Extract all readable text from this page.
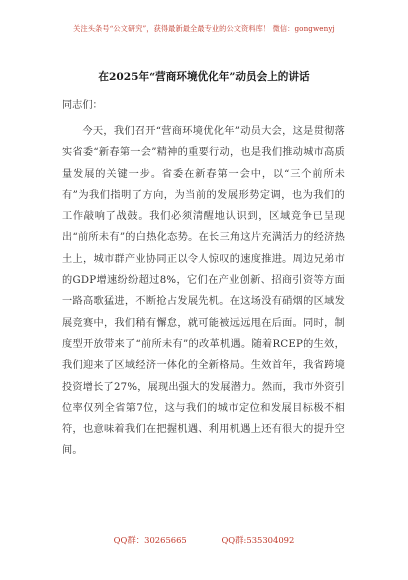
关注头条号“公文研究”，获得最新最全最专业的公文资料库！ 微信：gongwenyj
在2025年“营商环境优化年”动员会上的讲话
同志们：

今天，我们召开“营商环境优化年”动员大会，这是贯彻落实省委“新春第一会”精神的重要行动，也是我们推动城市高质量发展的关键一步。省委在新春第一会中，以“三个前所未有”为我们指明了方向，为当前的发展形势定调，也为我们的工作敲响了战鼓。我们必须清醒地认识到，区域竞争已呈现出“前所未有”的白热化态势。在长三角这片充满活力的经济热土上，城市群产业协同正以令人惊叹的速度推进。周边兄弟市的GDP增速纷纷超过8%，它们在产业创新、招商引资等方面一路高歌猛进，不断抢占发展先机。在这场没有硝烟的区域发展竞赛中，我们稍有懈怠，就可能被远远甩在后面。同时，制度型开放带来了“前所未有”的改革机遇。随着RCEP的生效，我们迎来了区域经济一体化的全新格局。生效首年，我省跨境投资增长了27%，展现出强大的发展潜力。然而，我市外资引位率仅列全省第7位，这与我们的城市定位和发展目标极不相符，也意味着我们在把握机遇、利用机遇上还有很大的提升空间。

QQ群：30265665	QQ群:535304092
